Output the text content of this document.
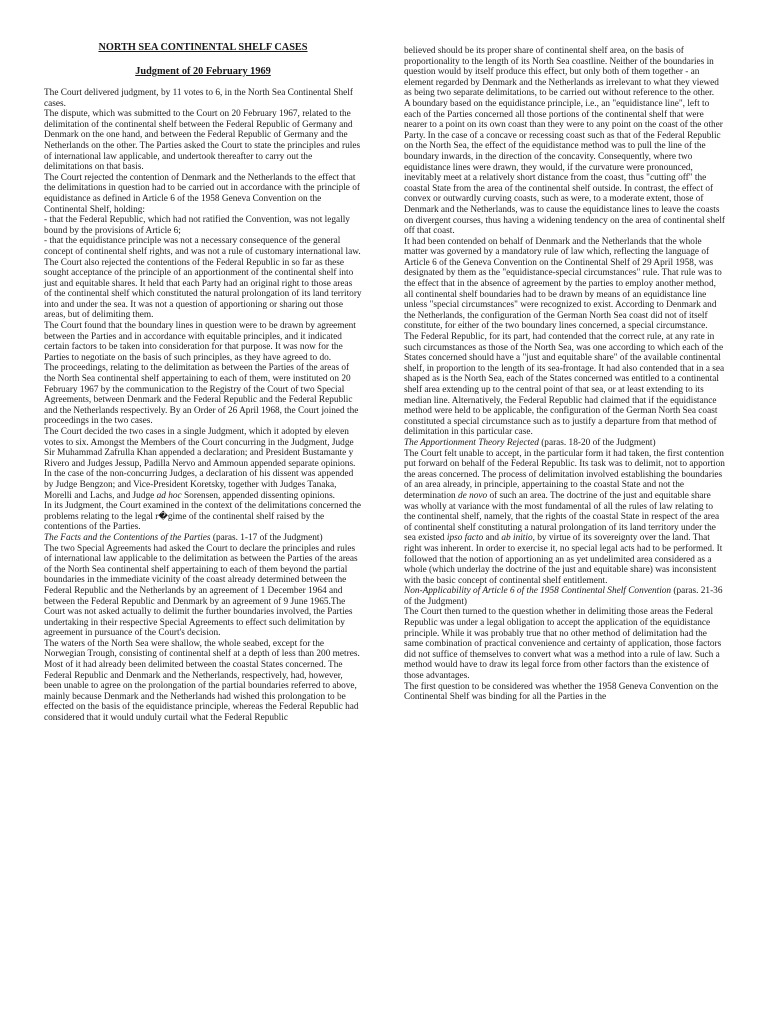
NORTH SEA CONTINENTAL SHELF CASES
Judgment of 20 February 1969

The Court delivered judgment, by 11 votes to 6, in the North Sea Continental Shelf cases.

The dispute, which was submitted to the Court on 20 February 1967, related to the delimitation of the continental shelf between the Federal Republic of Germany and Denmark on the one hand, and between the Federal Republic of Germany and the Netherlands on the other. The Parties asked the Court to state the principles and rules of international law applicable, and undertook thereafter to carry out the delimitations on that basis.

The Court rejected the contention of Denmark and the Netherlands to the effect that the delimitations in question had to be carried out in accordance with the principle of equidistance as defined in Article 6 of the 1958 Geneva Convention on the Continental Shelf, holding:

- that the Federal Republic, which had not ratified the Convention, was not legally bound by the provisions of Article 6;

- that the equidistance principle was not a necessary consequence of the general concept of continental shelf rights, and was not a rule of customary international law.

The Court also rejected the contentions of the Federal Republic in so far as these sought acceptance of the principle of an apportionment of the continental shelf into just and equitable shares. It held that each Party had an original right to those areas of the continental shelf which constituted the natural prolongation of its land territory into and under the sea. It was not a question of apportioning or sharing out those areas, but of delimiting them.

The Court found that the boundary lines in question were to be drawn by agreement between the Parties and in accordance with equitable principles, and it indicated certain factors to be taken into consideration for that purpose. It was now for the Parties to negotiate on the basis of such principles, as they have agreed to do.

The proceedings, relating to the delimitation as between the Parties of the areas of the North Sea continental shelf appertaining to each of them, were instituted on 20 February 1967 by the communication to the Registry of the Court of two Special Agreements, between Denmark and the Federal Republic and the Federal Republic and the Netherlands respectively. By an Order of 26 April 1968, the Court joined the proceedings in the two cases.

The Court decided the two cases in a single Judgment, which it adopted by eleven votes to six. Amongst the Members of the Court concurring in the Judgment, Judge Sir Muhammad Zafrulla Khan appended a declaration; and President Bustamante y Rivero and Judges Jessup, Padilla Nervo and Ammoun appended separate opinions. In the case of the non-concurring Judges, a declaration of his dissent was appended by Judge Bengzon; and Vice-President Koretsky, together with Judges Tanaka, Morelli and Lachs, and Judge ad hoc Sorensen, appended dissenting opinions.

In its Judgment, the Court examined in the context of the delimitations concerned the problems relating to the legal r�gime of the continental shelf raised by the contentions of the Parties.

The Facts and the Contentions of the Parties (paras. 1-17 of the Judgment)

The two Special Agreements had asked the Court to declare the principles and rules of international law applicable to the delimitation as between the Parties of the areas of the North Sea continental shelf appertaining to each of them beyond the partial boundaries in the immediate vicinity of the coast already determined between the Federal Republic and the Netherlands by an agreement of 1 December 1964 and between the Federal Republic and Denmark by an agreement of 9 June 1965.The Court was not asked actually to delimit the further boundaries involved, the Parties undertaking in their respective Special Agreements to effect such delimitation by agreement in pursuance of the Court's decision.

The waters of the North Sea were shallow, the whole seabed, except for the Norwegian Trough, consisting of continental shelf at a depth of less than 200 metres. Most of it had already been delimited between the coastal States concerned. The Federal Republic and Denmark and the Netherlands, respectively, had, however, been unable to agree on the prolongation of the partial boundaries referred to above, mainly because Denmark and the Netherlands had wished this prolongation to be effected on the basis of the equidistance principle, whereas the Federal Republic had considered that it would unduly curtail what the Federal Republic

believed should be its proper share of continental shelf area, on the basis of proportionality to the length of its North Sea coastline. Neither of the boundaries in question would by itself produce this effect, but only both of them together - an element regarded by Denmark and the Netherlands as irrelevant to what they viewed as being two separate delimitations, to be carried out without reference to the other.

A boundary based on the equidistance principle, i.e., an "equidistance line", left to each of the Parties concerned all those portions of the continental shelf that were nearer to a point on its own coast than they were to any point on the coast of the other Party. In the case of a concave or recessing coast such as that of the Federal Republic on the North Sea, the effect of the equidistance method was to pull the line of the boundary inwards, in the direction of the concavity. Consequently, where two equidistance lines were drawn, they would, if the curvature were pronounced, inevitably meet at a relatively short distance from the coast, thus "cutting off" the coastal State from the area of the continental shelf outside. In contrast, the effect of convex or outwardly curving coasts, such as were, to a moderate extent, those of Denmark and the Netherlands, was to cause the equidistance lines to leave the coasts on divergent courses, thus having a widening tendency on the area of continental shelf off that coast.

It had been contended on behalf of Denmark and the Netherlands that the whole matter was governed by a mandatory rule of law which, reflecting the language of Article 6 of the Geneva Convention on the Continental Shelf of 29 April 1958, was designated by them as the "equidistance-special circumstances" rule. That rule was to the effect that in the absence of agreement by the parties to employ another method, all continental shelf boundaries had to be drawn by means of an equidistance line unless "special circumstances" were recognized to exist. According to Denmark and the Netherlands, the configuration of the German North Sea coast did not of itself constitute, for either of the two boundary lines concerned, a special circumstance.

The Federal Republic, for its part, had contended that the correct rule, at any rate in such circumstances as those of the North Sea, was one according to which each of the States concerned should have a "just and equitable share" of the available continental shelf, in proportion to the length of its sea-frontage. It had also contended that in a sea shaped as is the North Sea, each of the States concerned was entitled to a continental shelf area extending up to the central point of that sea, or at least extending to its median line. Alternatively, the Federal Republic had claimed that if the equidistance method were held to be applicable, the configuration of the German North Sea coast constituted a special circumstance such as to justify a departure from that method of delimitation in this particular case.

The Apportionment Theory Rejected (paras. 18-20 of the Judgment)

The Court felt unable to accept, in the particular form it had taken, the first contention put forward on behalf of the Federal Republic. Its task was to delimit, not to apportion the areas concerned. The process of delimitation involved establishing the boundaries of an area already, in principle, appertaining to the coastal State and not the determination de novo of such an area. The doctrine of the just and equitable share was wholly at variance with the most fundamental of all the rules of law relating to the continental shelf, namely, that the rights of the coastal State in respect of the area of continental shelf constituting a natural prolongation of its land territory under the sea existed ipso facto and ab initio, by virtue of its sovereignty over the land. That right was inherent. In order to exercise it, no special legal acts had to be performed. It followed that the notion of apportioning an as yet undelimited area considered as a whole (which underlay the doctrine of the just and equitable share) was inconsistent with the basic concept of continental shelf entitlement.

Non-Applicability of Article 6 of the 1958 Continental Shelf Convention (paras. 21-36 of the Judgment)

The Court then turned to the question whether in delimiting those areas the Federal Republic was under a legal obligation to accept the application of the equidistance principle. While it was probably true that no other method of delimitation had the same combination of practical convenience and certainty of application, those factors did not suffice of themselves to convert what was a method into a rule of law. Such a method would have to draw its legal force from other factors than the existence of those advantages.

The first question to be considered was whether the 1958 Geneva Convention on the Continental Shelf was binding for all the Parties in the
